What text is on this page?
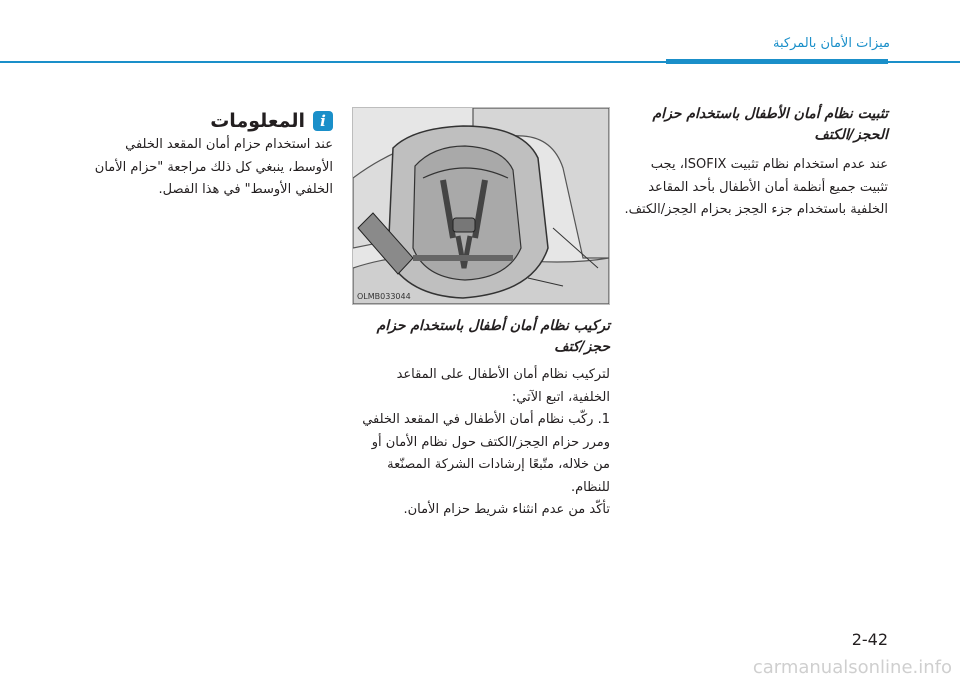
ميزات الأمان بالمركبة
تثبيت نظام أمان الأطفال باستخدام حزام الحجز/الكتف
عند عدم استخدام نظام تثبيت ISOFIX، يجب تثبيت جميع أنظمة أمان الأطفال بأحد المقاعد الخلفية باستخدام جزء الحِجز بحزام الحِجز/الكتف.
OLMB033044
تركيب نظام أمان أطفال باستخدام حزام حجز/كتف
لتركيب نظام أمان الأطفال على المقاعد الخلفية، اتبع الآتي:
1. ركّب نظام أمان الأطفال في المقعد الخلفي ومرر حزام الحِجز/الكتف حول نظام الأمان أو من خلاله، متّبعًا إرشادات الشركة المصنّعة للنظام.
تأكّد من عدم انثناء شريط حزام الأمان.
i
المعلومات
عند استخدام حزام أمان المقعد الخلفي الأوسط، ينبغي كل ذلك مراجعة "حزام الأمان الخلفي الأوسط" في هذا الفصل.
2-42
carmanualsonline.info
